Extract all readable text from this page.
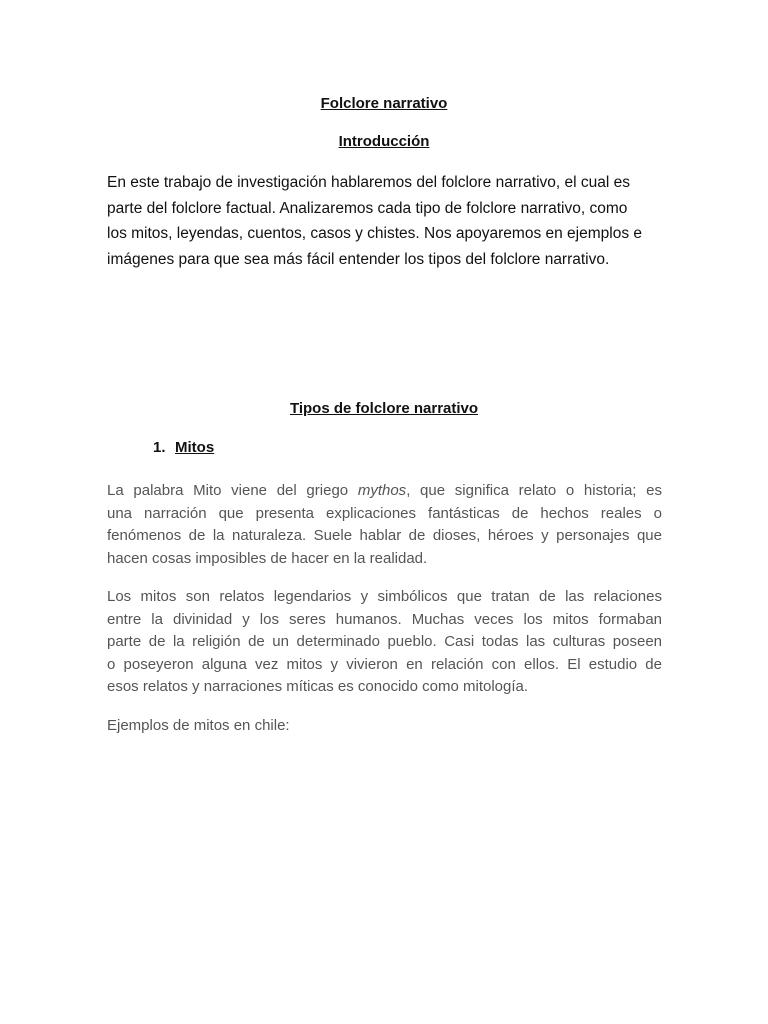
Folclore narrativo
Introducción

En este trabajo de investigación hablaremos del folclore narrativo, el cual es
parte del folclore factual. Analizaremos cada tipo de folclore narrativo, como
los mitos, leyendas, cuentos, casos y chistes. Nos apoyaremos en ejemplos e
imágenes para que sea más fácil entender los tipos del folclore narrativo.

Tipos de folclore narrativo
1. Mitos

La palabra Mito viene del griego mythos, que significa relato o historia; es
una narración que presenta explicaciones fantásticas de hechos reales o
fenómenos de la naturaleza. Suele hablar de dioses, héroes y personajes que
hacen cosas imposibles de hacer en la realidad.

Los mitos son relatos legendarios y simbólicos que tratan de las relaciones
entre la divinidad y los seres humanos. Muchas veces los mitos formaban
parte de la religión de un determinado pueblo. Casi todas las culturas poseen
o poseyeron alguna vez mitos y vivieron en relación con ellos. El estudio de
esos relatos y narraciones míticas es conocido como mitología.

Ejemplos de mitos en chile:
